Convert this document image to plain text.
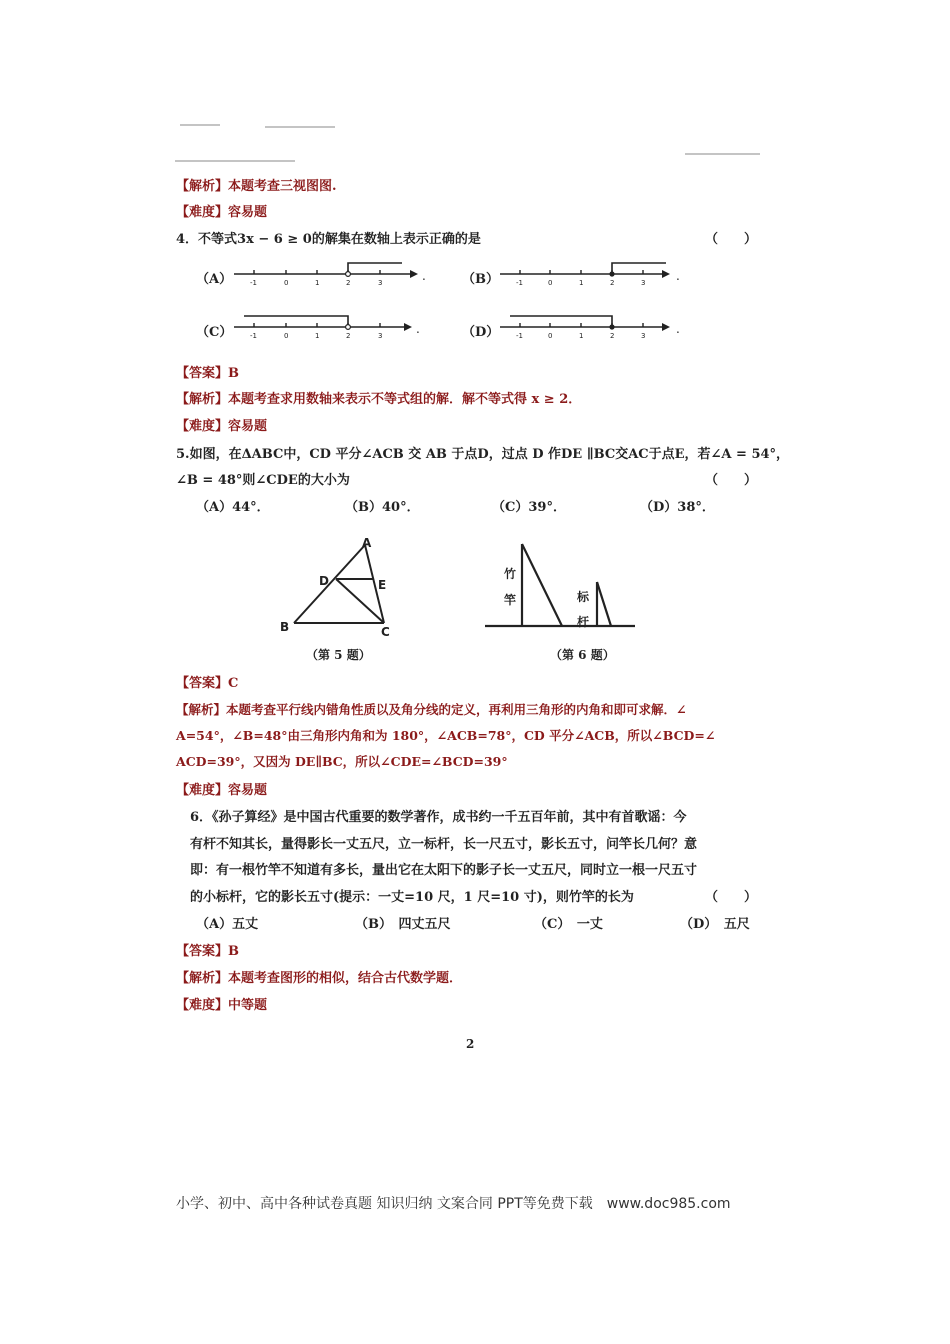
【解析】本题考查三视图图.
【难度】容易题
4．不等式3x − 6 ≥ 0的解集在数轴上表示正确的是	（　　）
（A）	-1	0	1	2	3	.	（B） -1	0	1	2	3	.
（C）	-1	0	1	2	3	.	（D） -1	0	1	2	3	.
【答案】B
【解析】本题考查求用数轴来表示不等式组的解．解不等式得 x ≥ 2．
【难度】容易题
5.如图，在ΔABC中，CD 平分∠ACB 交 AB 于点D，过点 D 作DE ∥BC交AC于点E，若∠A = 54°，
∠B = 48°则∠CDE的大小为	（　　）
（A）44°．	（B）40°．	（C）39°．	（D）38°．
A
B	C
D	E
（第 5 题）
竹
竿	标
杆
（第 6 题）
【答案】C
【解析】本题考查平行线内错角性质以及角分线的定义，再利用三角形的内角和即可求解．∠
A=54°，∠B=48°由三角形内角和为 180°，∠ACB=78°，CD 平分∠ACB，所以∠BCD=∠
ACD=39°，又因为 DE∥BC，所以∠CDE=∠BCD=39°
【难度】容易题
6．《孙子算经》是中国古代重要的数学著作，成书约一千五百年前，其中有首歌谣：今
有杆不知其长，量得影长一丈五尺，立一标杆，长一尺五寸，影长五寸，问竿长几何？意
即：有一根竹竿不知道有多长，量出它在太阳下的影子长一丈五尺，同时立一根一尺五寸
的小标杆，它的影长五寸(提示：一丈=10 尺，1 尺=10 寸)，则竹竿的长为	（　　）
（A）五丈	（B）　四丈五尺	（C）　一丈	（D）　五尺
【答案】B
【解析】本题考查图形的相似，结合古代数学题．
【难度】中等题
2
小学、初中、高中各种试卷真题 知识归纳 文案合同 PPT等免费下载　www.doc985.com
